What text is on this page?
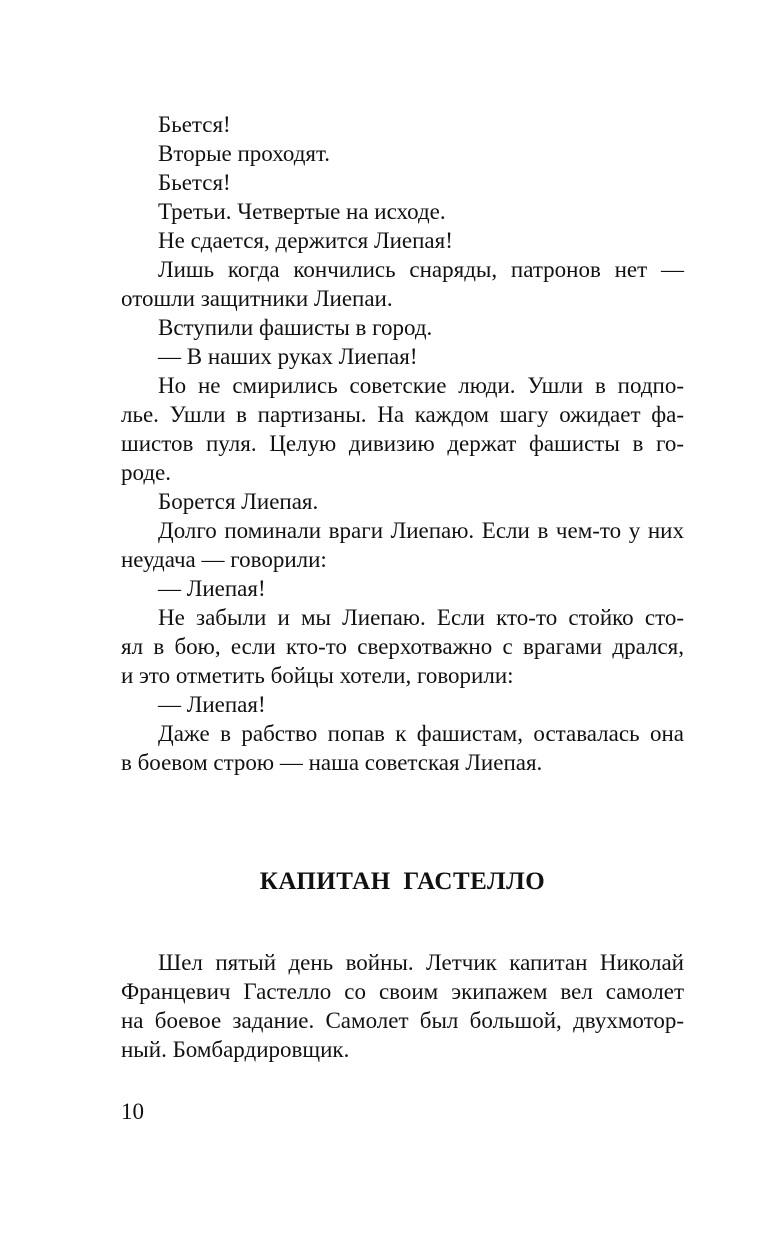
Бьется!
Вторые проходят.
Бьется!
Третьи. Четвертые на исходе.
Не сдается, держится Лиепая!
Лишь когда кончились снаряды, патронов нет —
отошли защитники Лиепаи.
Вступили фашисты в город.
— В наших руках Лиепая!
Но не смирились советские люди. Ушли в подпо-
лье. Ушли в партизаны. На каждом шагу ожидает фа-
шистов пуля. Целую дивизию держат фашисты в го-
роде.
Борется Лиепая.
Долго поминали враги Лиепаю. Если в чем-то у них
неудача — говорили:
— Лиепая!
Не забыли и мы Лиепаю. Если кто-то стойко сто-
ял в бою, если кто-то сверхотважно с врагами дрался,
и это отметить бойцы хотели, говорили:
— Лиепая!
Даже в рабство попав к фашистам, оставалась она
в боевом строю — наша советская Лиепая.
КАПИТАН ГАСТЕЛЛО
Шел пятый день войны. Летчик капитан Николай
Францевич Гастелло со своим экипажем вел самолет
на боевое задание. Самолет был большой, двухмотор-
ный. Бомбардировщик.
10
